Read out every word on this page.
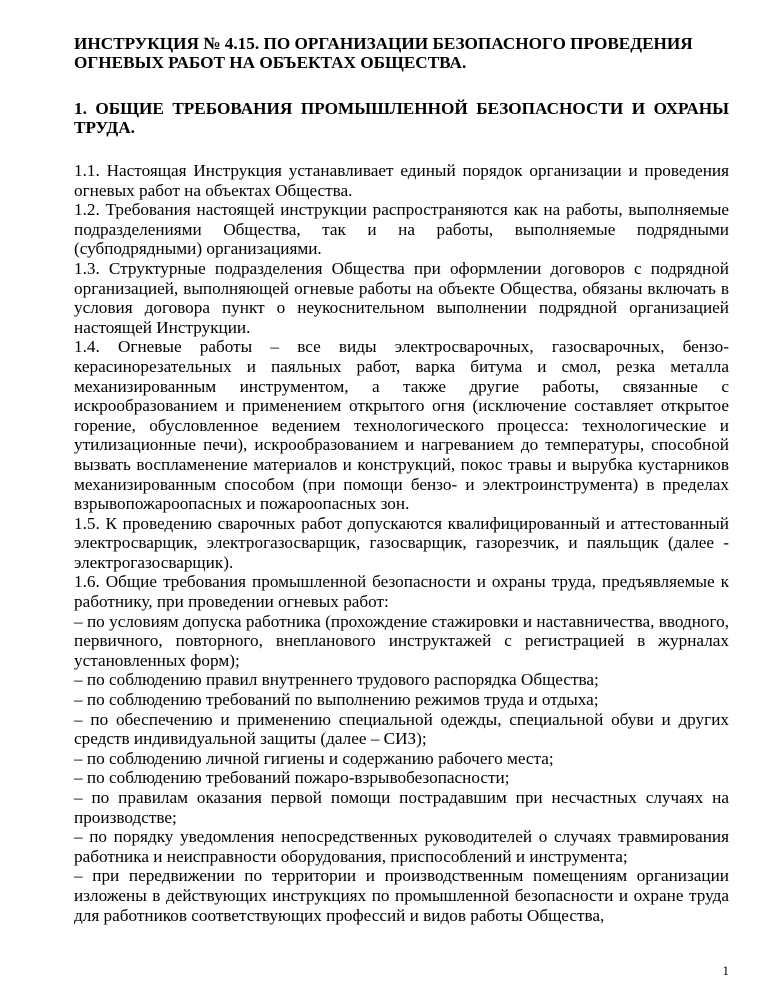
ИНСТРУКЦИЯ № 4.15. ПО ОРГАНИЗАЦИИ БЕЗОПАСНОГО ПРОВЕДЕНИЯ ОГНЕВЫХ РАБОТ НА ОБЪЕКТАХ ОБЩЕСТВА.
1. ОБЩИЕ ТРЕБОВАНИЯ ПРОМЫШЛЕННОЙ БЕЗОПАСНОСТИ И ОХРАНЫ ТРУДА.

1.1. Настоящая Инструкция устанавливает единый порядок организации и проведения огневых работ на объектах Общества.

1.2. Требования настоящей инструкции распространяются как на работы, выполняемые подразделениями Общества, так и на работы, выполняемые подрядными (субподрядными) организациями.

1.3. Структурные подразделения Общества при оформлении договоров с подрядной организацией, выполняющей огневые работы на объекте Общества, обязаны включать в условия договора пункт о неукоснительном выполнении подрядной организацией настоящей Инструкции.

1.4. Огневые работы – все виды электросварочных, газосварочных, бензо-керасинорезательных и паяльных работ, варка битума и смол, резка металла механизированным инструментом, а также другие работы, связанные с искрообразованием и применением открытого огня (исключение составляет открытое горение, обусловленное ведением технологического процесса: технологические и утилизационные печи), искрообразованием и нагреванием до температуры, способной вызвать воспламенение материалов и конструкций, покос травы и вырубка кустарников механизированным способом (при помощи бензо- и электроинструмента) в пределах взрывопожароопасных и пожароопасных зон.

1.5. К проведению сварочных работ допускаются квалифицированный и аттестованный электросварщик, электрогазосварщик, газосварщик, газорезчик, и паяльщик (далее - электрогазосварщик).

1.6. Общие требования промышленной безопасности и охраны труда, предъявляемые к работнику, при проведении огневых работ:

– по условиям допуска работника (прохождение стажировки и наставничества, вводного, первичного, повторного, внепланового инструктажей с регистрацией в журналах установленных форм);

– по соблюдению правил внутреннего трудового распорядка Общества;

– по соблюдению требований по выполнению режимов труда и отдыха;

– по обеспечению и применению специальной одежды, специальной обуви и других средств индивидуальной защиты (далее – СИЗ);

– по соблюдению личной гигиены и содержанию рабочего места;

– по соблюдению требований пожаро-взрывобезопасности;

– по правилам оказания первой помощи пострадавшим при несчастных случаях на производстве;

– по порядку уведомления непосредственных руководителей о случаях травмирования работника и неисправности оборудования, приспособлений и инструмента;

– при передвижении по территории и производственным помещениям организации изложены в действующих инструкциях по промышленной безопасности и охране труда для работников соответствующих профессий и видов работы Общества,

1
